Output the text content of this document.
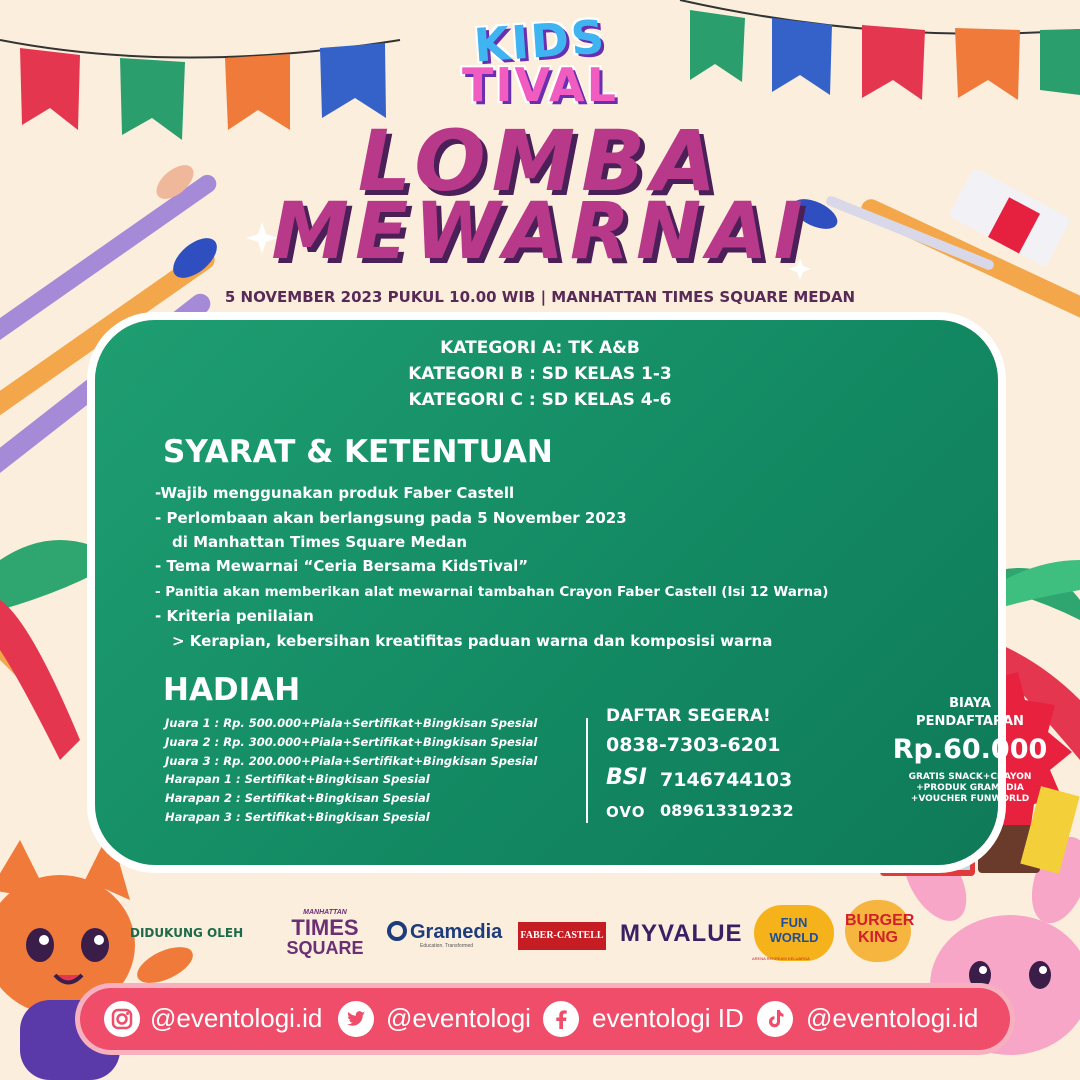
KIDS
TIVAL
LOMBA
MEWARNAI
5 NOVEMBER 2023 PUKUL 10.00 WIB | MANHATTAN TIMES SQUARE MEDAN
KATEGORI A: TK A&B
KATEGORI B : SD KELAS 1-3
KATEGORI C : SD KELAS 4-6
SYARAT & KETENTUAN
-Wajib menggunakan produk Faber Castell
- Perlombaan akan berlangsung pada 5 November 2023
di Manhattan Times Square Medan
- Tema Mewarnai “Ceria Bersama KidsTival”
- Panitia akan memberikan alat mewarnai tambahan Crayon Faber Castell (Isi 12 Warna)
- Kriteria penilaian
> Kerapian, kebersihan kreatifitas paduan warna dan komposisi warna
HADIAH
Juara 1 : Rp. 500.000+Piala+Sertifikat+Bingkisan Spesial
Juara 2 : Rp. 300.000+Piala+Sertifikat+Bingkisan Spesial
Juara 3 : Rp. 200.000+Piala+Sertifikat+Bingkisan Spesial
Harapan 1 : Sertifikat+Bingkisan Spesial
Harapan 2 : Sertifikat+Bingkisan Spesial
Harapan 3 : Sertifikat+Bingkisan Spesial
DAFTAR SEGERA!
0838-7303-6201
BSI 7146744103
OVO 089613319232
BIAYA
PENDAFTARAN
Rp.60.000
GRATIS SNACK+CRAYON
+PRODUK GRAMEDIA
+VOUCHER FUNWORLD
DIDUKUNG OLEH
MANHATTAN
TIMES
SQUARE
Gramedia
Education. Transformed
FABER-CASTELL MYVALUE	FUN
WORLD
ARENA REKREASI KELUARGA
BURGER
KING
@eventologi.id @eventologi eventologi ID @eventologi.id
